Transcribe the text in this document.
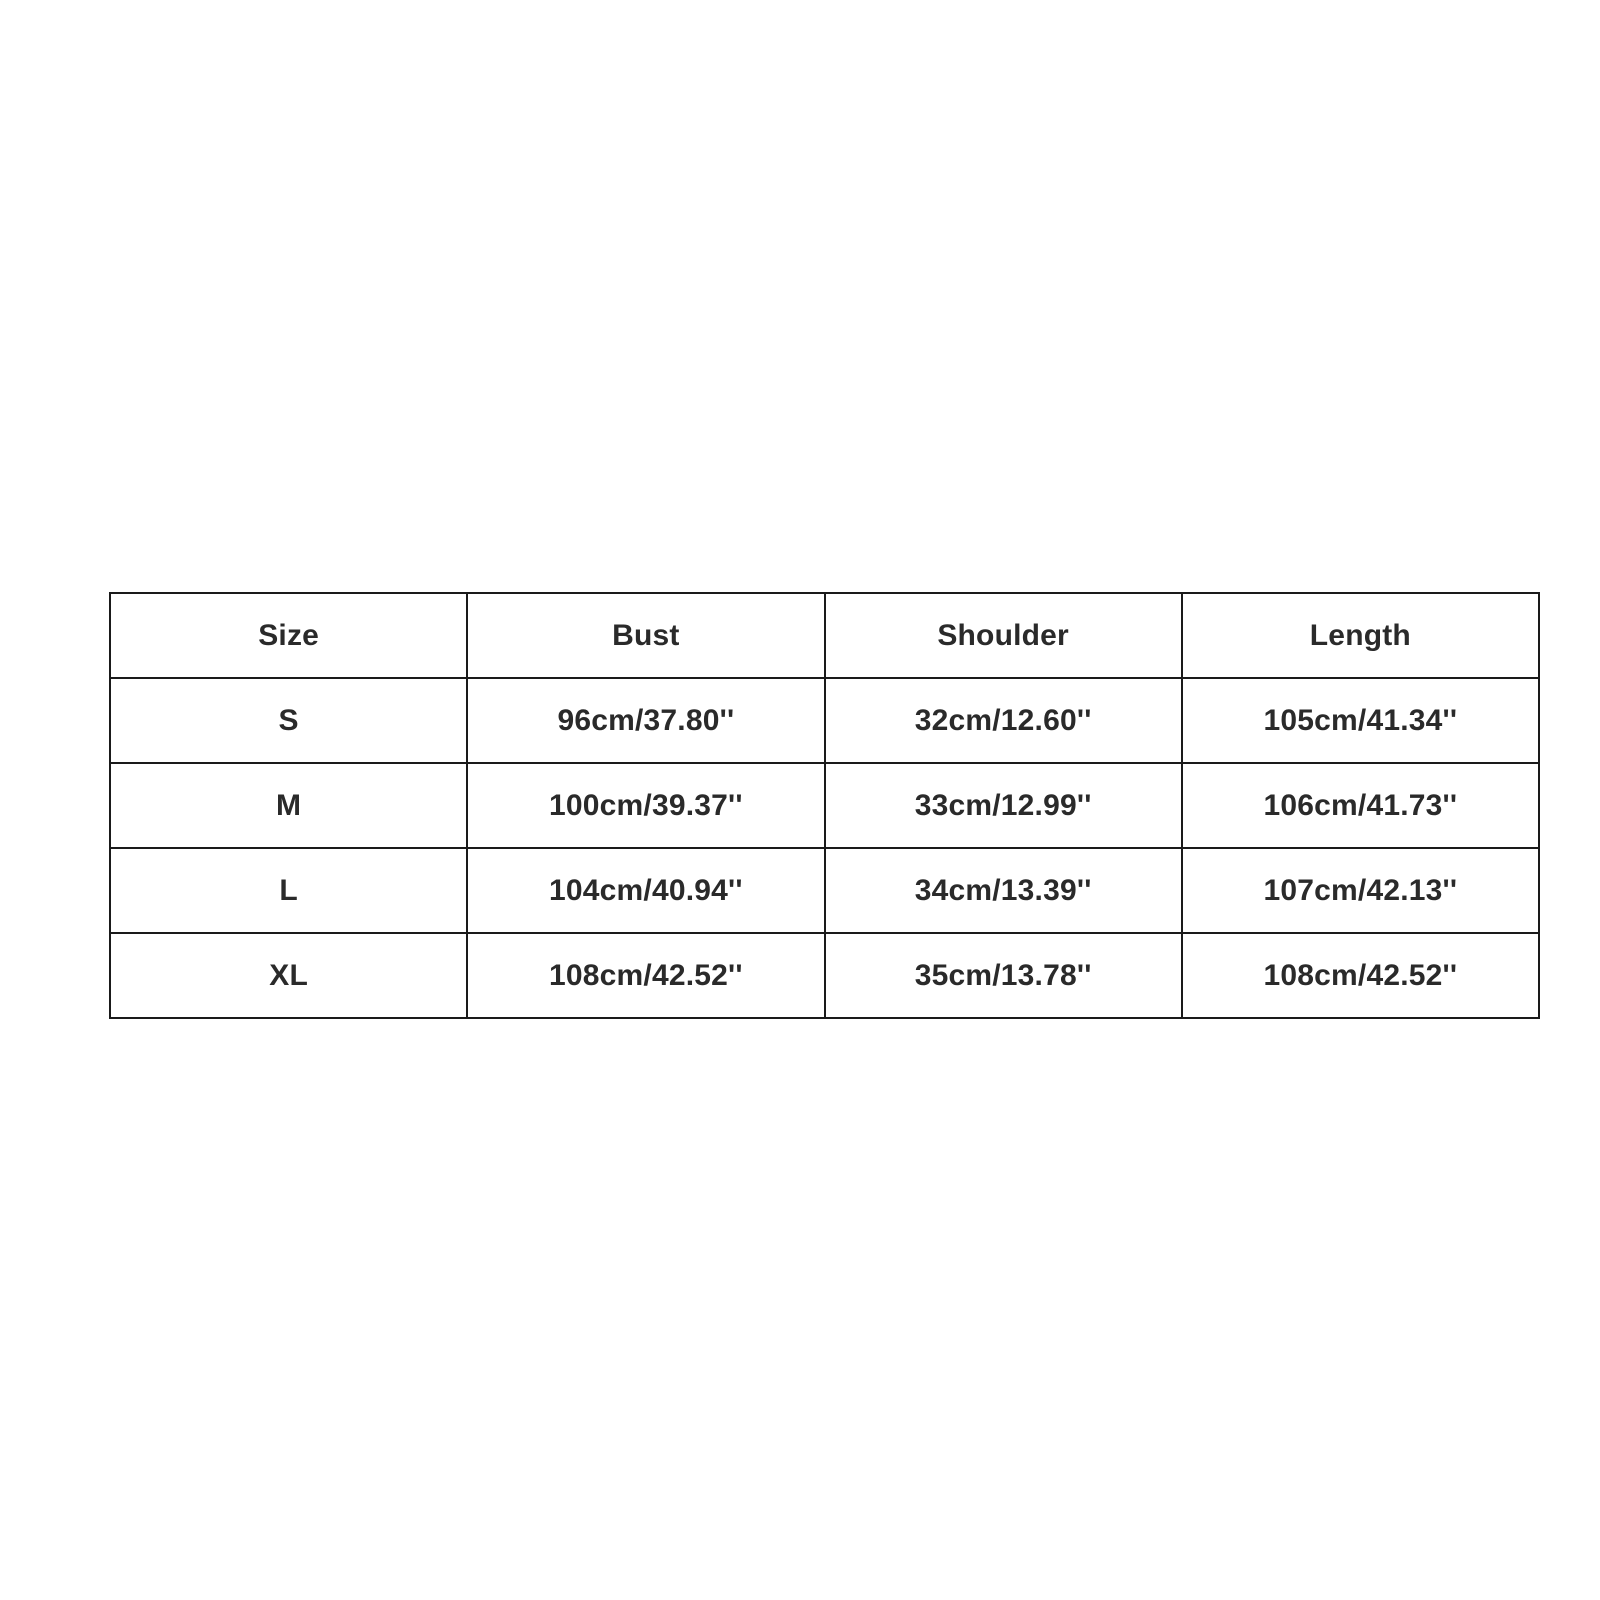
Size	Bust	Shoulder	Length
S	96cm/37.80''	32cm/12.60''	105cm/41.34''
M	100cm/39.37''	33cm/12.99''	106cm/41.73''
L	104cm/40.94''	34cm/13.39''	107cm/42.13''
XL	108cm/42.52''	35cm/13.78''	108cm/42.52''
